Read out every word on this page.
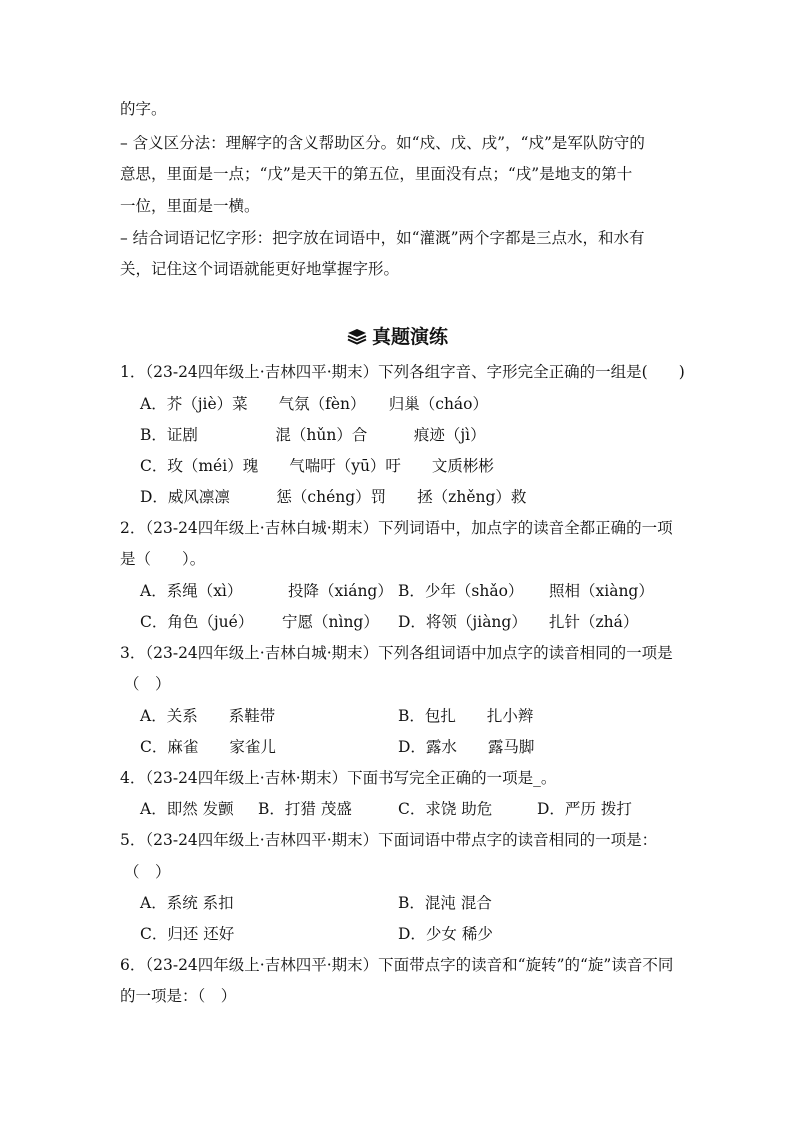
的字。
– 含义区分法：理解字的含义帮助区分。如“戍、戊、戌”，“戍”是军队防守的
意思，里面是一点；“戊”是天干的第五位，里面没有点；“戌”是地支的第十
一位，里面是一横。
– 结合词语记忆字形：把字放在词语中，如“灌溉”两个字都是三点水，和水有
关，记住这个词语就能更好地掌握字形。
真题演练
1．（23-24四年级上·吉林四平·期末）下列各组字音、字形完全正确的一组是(　　)
A．芥（jiè）菜　　气氛（fèn）　　归巢（cháo）
B．证剧　　　　　混（hǔn）合　　　痕迹（jì）
C．玫（méi）瑰　　气喘吁（yū）吁　　文质彬彬
D．威风凛凛　　　惩（chéng）罚　　拯（zhěng）救
2．（23-24四年级上·吉林白城·期末）下列词语中，加点字的读音全都正确的一项
是（　　）。
A．系绳（xì）	投降（xiáng） B．少年（shǎo） 照相（xiàng）
C．角色（jué） 宁愿（nìng） D．将领（jiàng） 扎针（zhá）
3．（23-24四年级上·吉林白城·期末）下列各组词语中加点字的读音相同的一项是
（　）
A．关系　　系鞋带	B．包扎　　扎小辫
C．麻雀　　家雀儿	D．露水　　露马脚
4．（23-24四年级上·吉林·期末）下面书写完全正确的一项是_。
A．即然 发颤 B．打猎 茂盛	C．求饶 助危	D．严历 拨打
5．（23-24四年级上·吉林四平·期末）下面词语中带点字的读音相同的一项是：
（　）
A．系统 系扣	B．混沌 混合
C．归还 还好	D．少女 稀少
6．（23-24四年级上·吉林四平·期末）下面带点字的读音和“旋转”的“旋”读音不同
的一项是：（　）
